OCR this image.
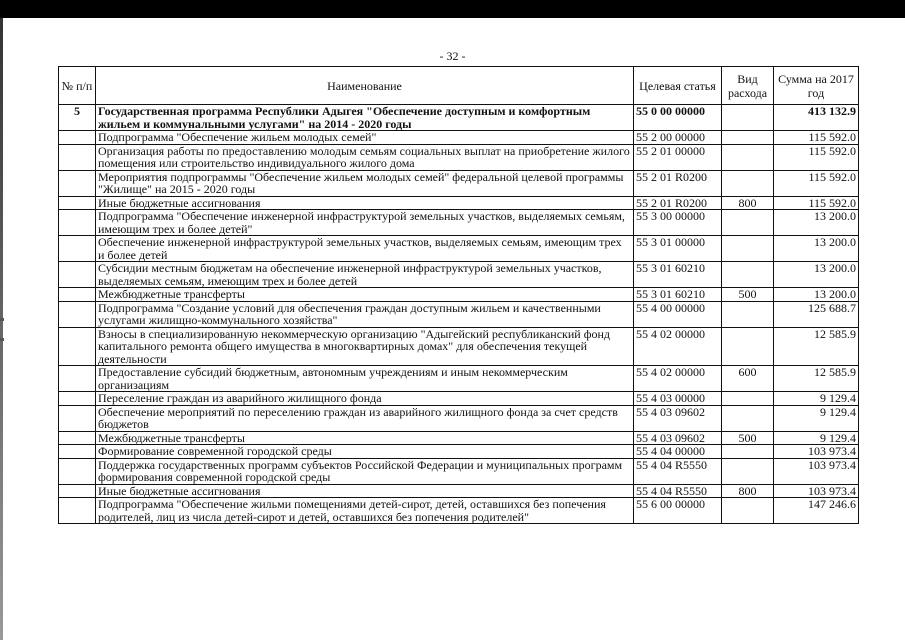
- 32 -
№ п/п	Наименование	Целевая статья	Вид расхода	Сумма на 2017 год
5	Государственная программа Республики Адыгея "Обеспечение доступным и комфортным жильем и коммунальными услугами" на 2014 - 2020 годы	55 0 00 00000		413 132.9
	Подпрограмма "Обеспечение жильем молодых семей"	55 2 00 00000		115 592.0
	Организация работы по предоставлению молодым семьям социальных выплат на приобретение жилого помещения или строительство индивидуального жилого дома	55 2 01 00000		115 592.0
	Мероприятия подпрограммы "Обеспечение жильем молодых семей" федеральной целевой программы "Жилище" на 2015 - 2020 годы	55 2 01 R0200		115 592.0
	Иные бюджетные ассигнования	55 2 01 R0200	800	115 592.0
	Подпрограмма "Обеспечение инженерной инфраструктурой земельных участков, выделяемых семьям, имеющим трех и более детей"	55 3 00 00000		13 200.0
	Обеспечение инженерной инфраструктурой земельных участков, выделяемых семьям, имеющим трех и более детей	55 3 01 00000		13 200.0
	Субсидии местным бюджетам на обеспечение инженерной инфраструктурой земельных участков, выделяемых семьям, имеющим трех и более детей	55 3 01 60210		13 200.0
	Межбюджетные трансферты	55 3 01 60210	500	13 200.0
	Подпрограмма "Создание условий для обеспечения граждан доступным жильем и качественными услугами жилищно-коммунального хозяйства"	55 4 00 00000		125 688.7
	Взносы в специализированную некоммерческую организацию "Адыгейский республиканский фонд капитального ремонта общего имущества в многоквартирных домах" для обеспечения текущей деятельности	55 4 02 00000		12 585.9
	Предоставление субсидий бюджетным, автономным учреждениям и иным некоммерческим организациям	55 4 02 00000	600	12 585.9
	Переселение граждан из аварийного жилищного фонда	55 4 03 00000		9 129.4
	Обеспечение мероприятий по переселению граждан из аварийного жилищного фонда за счет средств бюджетов	55 4 03 09602		9 129.4
	Межбюджетные трансферты	55 4 03 09602	500	9 129.4
	Формирование современной городской среды	55 4 04 00000		103 973.4
	Поддержка государственных программ субъектов Российской Федерации и муниципальных программ формирования современной городской среды	55 4 04 R5550		103 973.4
	Иные бюджетные ассигнования	55 4 04 R5550	800	103 973.4
	Подпрограмма "Обеспечение жильми помещениями детей-сирот, детей, оставшихся без попечения родителей, лиц из числа детей-сирот и детей, оставшихся без попечения родителей"	55 6 00 00000		147 246.6
